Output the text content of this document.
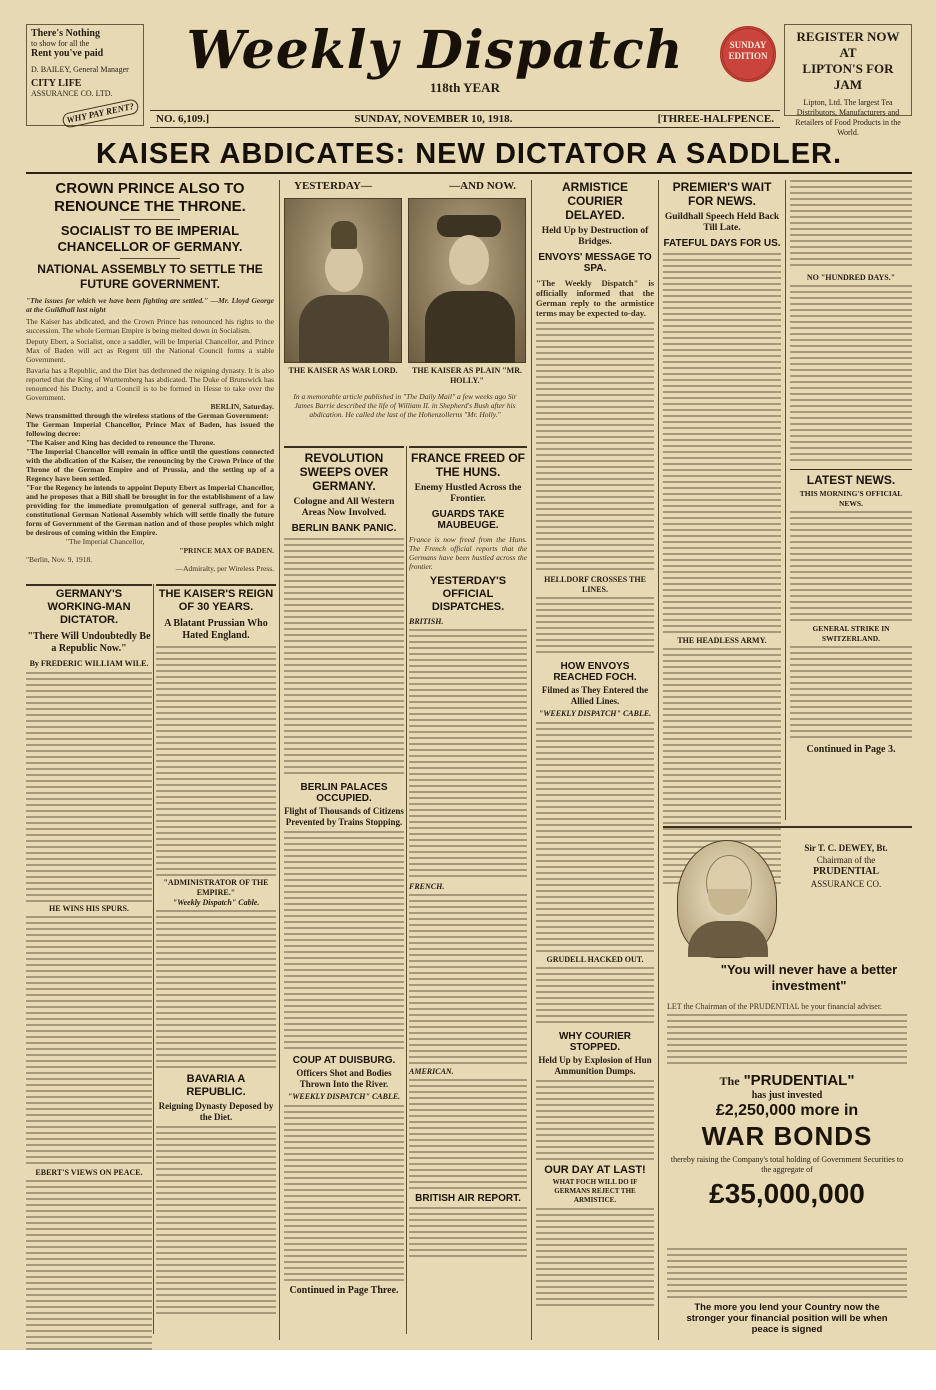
There's Nothing
to show for all the
Rent you've paid
D. BAILEY, General Manager
CITY LIFE
ASSURANCE CO. LTD.
WHY PAY RENT?
Weekly Dispatch
118th YEAR
SUNDAY EDITION
REGISTER NOW AT
LIPTON'S FOR JAM
Lipton, Ltd. The largest Tea Distributors, Manufacturers and Retailers of Food Products in the World.
NO. 6,109.]	SUNDAY, NOVEMBER 10, 1918.	[THREE-HALFPENCE.
KAISER ABDICATES: NEW DICTATOR A SADDLER.
CROWN PRINCE ALSO TO RENOUNCE THE THRONE.
SOCIALIST TO BE IMPERIAL CHANCELLOR OF GERMANY.
NATIONAL ASSEMBLY TO SETTLE THE FUTURE GOVERNMENT.
"The issues for which we have been fighting are settled." —Mr. Lloyd George at the Guildhall last night
The Kaiser has abdicated, and the Crown Prince has renounced his rights to the succession. The whole German Empire is being melted down in Socialism.
Deputy Ebert, a Socialist, once a saddler, will be Imperial Chancellor, and Prince Max of Baden will act as Regent till the National Council forms a stable Government.
Bavaria has a Republic, and the Diet has dethroned the reigning dynasty. It is also reported that the King of Wurttemberg has abdicated. The Duke of Brunswick has renounced his Duchy, and a Council is to be formed in Hesse to take over the Government.
BERLIN, Saturday.
News transmitted through the wireless stations of the German Government:
The German Imperial Chancellor, Prince Max of Baden, has issued the following decree:
"The Kaiser and King has decided to renounce the Throne.
"The Imperial Chancellor will remain in office until the questions connected with the abdication of the Kaiser, the renouncing by the Crown Prince of the Throne of the German Empire and of Prussia, and the setting up of a Regency have been settled.
"For the Regency he intends to appoint Deputy Ebert as Imperial Chancellor, and he proposes that a Bill shall be brought in for the establishment of a law providing for the immediate promulgation of general suffrage, and for a constitutional German National Assembly which will settle finally the future form of Government of the German nation and of those peoples which might be desirous of coming within the Empire.
"The Imperial Chancellor,
"PRINCE MAX OF BADEN.
"Berlin, Nov. 9, 1918.
—Admiralty, per Wireless Press.
GERMANY'S WORKING-MAN DICTATOR.
"There Will Undoubtedly Be a Republic Now."
By FREDERIC WILLIAM WILE.
HE WINS HIS SPURS.
EBERT'S VIEWS ON PEACE.
THE KAISER'S REIGN OF 30 YEARS.
A Blatant Prussian Who Hated England.
"ADMINISTRATOR OF THE EMPIRE."
"Weekly Dispatch" Cable.
BAVARIA A REPUBLIC.
Reigning Dynasty Deposed by the Diet.
YESTERDAY—	—AND NOW.
THE KAISER AS WAR LORD.	THE KAISER AS PLAIN "MR. HOLLY."
In a memorable article published in "The Daily Mail" a few weeks ago Sir James Barrie described the life of William II. in Shepherd's Bush after his abdication. He called the last of the Hohenzollerns "Mr. Holly."
REVOLUTION SWEEPS OVER GERMANY.
Cologne and All Western Areas Now Involved.
BERLIN BANK PANIC.
BERLIN PALACES OCCUPIED.
Flight of Thousands of Citizens Prevented by Trains Stopping.
COUP AT DUISBURG.
Officers Shot and Bodies Thrown Into the River.
"WEEKLY DISPATCH" CABLE.
Continued in Page Three.
FRANCE FREED OF THE HUNS.
Enemy Hustled Across the Frontier.
GUARDS TAKE MAUBEUGE.
France is now freed from the Huns. The French official reports that the Germans have been hustled across the frontier.
YESTERDAY'S OFFICIAL DISPATCHES.
BRITISH.
FRENCH.
AMERICAN.
BRITISH AIR REPORT.
ARMISTICE COURIER DELAYED.
Held Up by Destruction of Bridges.
ENVOYS' MESSAGE TO SPA.
"The Weekly Dispatch" is officially informed that the German reply to the armistice terms may be expected to-day.
HELLDORF CROSSES THE LINES.
HOW ENVOYS REACHED FOCH.
Filmed as They Entered the Allied Lines.
"WEEKLY DISPATCH" CABLE.
GRUDELL HACKED OUT.
WHY COURIER STOPPED.
Held Up by Explosion of Hun Ammunition Dumps.
OUR DAY AT LAST!
WHAT FOCH WILL DO IF GERMANS REJECT THE ARMISTICE.
PREMIER'S WAIT FOR NEWS.
Guildhall Speech Held Back Till Late.
FATEFUL DAYS FOR US.
THE HEADLESS ARMY.
NO "HUNDRED DAYS."
LATEST NEWS.
THIS MORNING'S OFFICIAL NEWS.
GENERAL STRIKE IN SWITZERLAND.
Continued in Page 3.
Sir T. C. DEWEY, Bt.
Chairman of the
PRUDENTIAL
ASSURANCE CO.
"You will never have a better investment"
LET the Chairman of the PRUDENTIAL be your financial adviser.
The "PRUDENTIAL"
has just invested
£2,250,000 more in
WAR BONDS
thereby raising the Company's total holding of Government Securities to the aggregate of
£35,000,000
The more you lend your Country now the stronger your financial position will be when peace is signed
